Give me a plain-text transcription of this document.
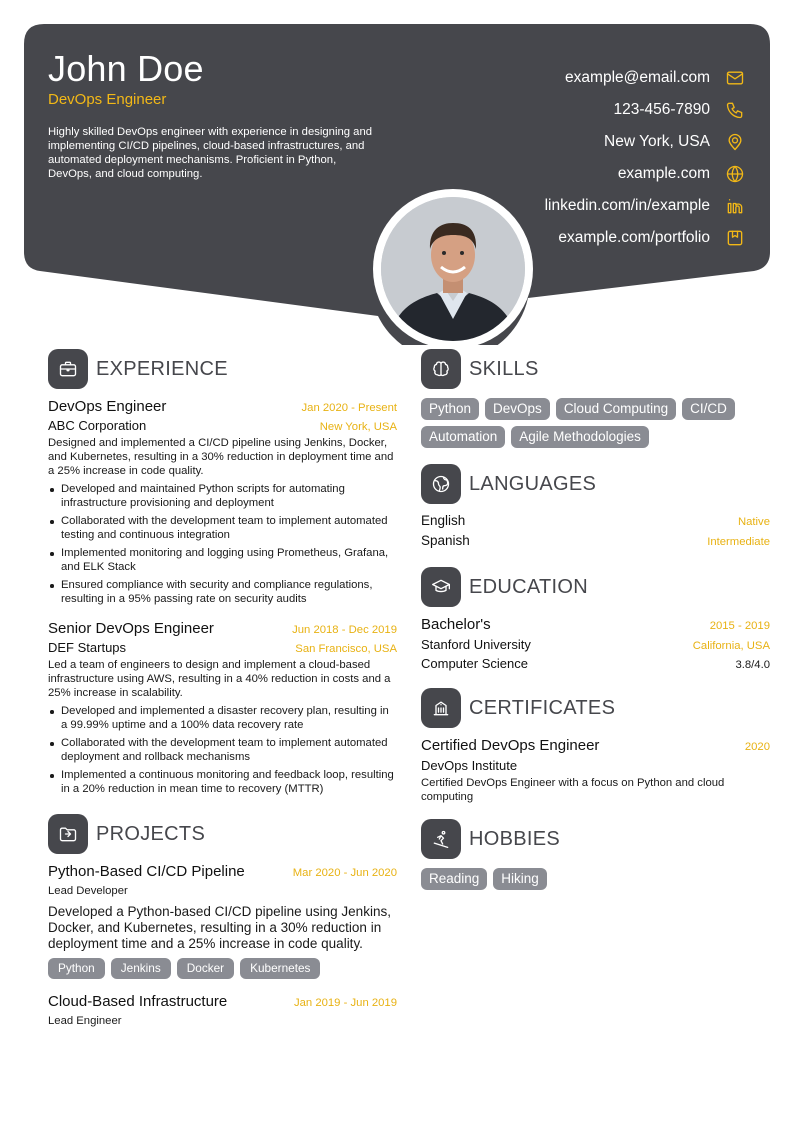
John Doe
DevOps Engineer
Highly skilled DevOps engineer with experience in designing and implementing CI/CD pipelines, cloud-based infrastructures, and automated deployment mechanisms. Proficient in Python, DevOps, and cloud computing.
example@email.com
123-456-7890
New York, USA
example.com
linkedin.com/in/example
example.com/portfolio
EXPERIENCE
DevOps Engineer	Jan 2020 - Present
ABC Corporation	New York, USA
Designed and implemented a CI/CD pipeline using Jenkins, Docker, and Kubernetes, resulting in a 30% reduction in deployment time and a 25% increase in code quality.
Developed and maintained Python scripts for automating infrastructure provisioning and deployment
Collaborated with the development team to implement automated testing and continuous integration
Implemented monitoring and logging using Prometheus, Grafana, and ELK Stack
Ensured compliance with security and compliance regulations, resulting in a 95% passing rate on security audits
Senior DevOps Engineer	Jun 2018 - Dec 2019
DEF Startups	San Francisco, USA
Led a team of engineers to design and implement a cloud-based infrastructure using AWS, resulting in a 40% reduction in costs and a 25% increase in scalability.
Developed and implemented a disaster recovery plan, resulting in a 99.99% uptime and a 100% data recovery rate
Collaborated with the development team to implement automated deployment and rollback mechanisms
Implemented a continuous monitoring and feedback loop, resulting in a 20% reduction in mean time to recovery (MTTR)
PROJECTS
Python-Based CI/CD Pipeline	Mar 2020 - Jun 2020
Lead Developer
Developed a Python-based CI/CD pipeline using Jenkins, Docker, and Kubernetes, resulting in a 30% reduction in deployment time and a 25% increase in code quality.
Python Jenkins Docker Kubernetes
Cloud-Based Infrastructure	Jan 2019 - Jun 2019
Lead Engineer
SKILLS
Python DevOps Cloud Computing CI/CDAutomation Agile Methodologies
LANGUAGES
English	Native
Spanish	Intermediate
EDUCATION
Bachelor's	2015 - 2019
Stanford University	California, USA
Computer Science	3.8/4.0
CERTIFICATES
Certified DevOps Engineer	2020
DevOps Institute
Certified DevOps Engineer with a focus on Python and cloud computing
HOBBIES
Reading Hiking
